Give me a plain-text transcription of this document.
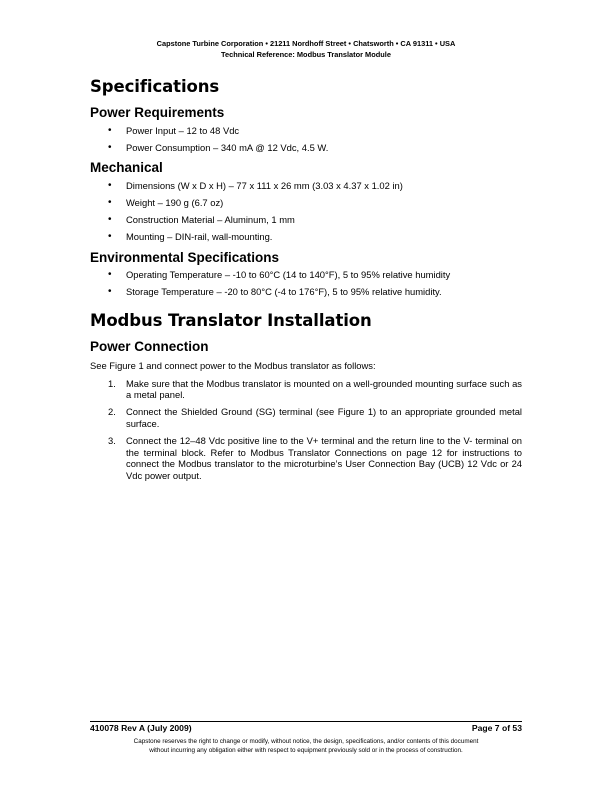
Capstone Turbine Corporation • 21211 Nordhoff Street • Chatsworth • CA 91311 • USA
Technical Reference: Modbus Translator Module
Specifications
Power Requirements
• Power Input – 12 to 48 Vdc
• Power Consumption – 340 mA @ 12 Vdc, 4.5 W.
Mechanical
• Dimensions (W x D x H) – 77 x 111 x 26 mm (3.03 x 4.37 x 1.02 in)
• Weight – 190 g (6.7 oz)
• Construction Material – Aluminum, 1 mm
• Mounting – DIN-rail, wall-mounting.
Environmental Specifications
• Operating Temperature – -10 to 60°C (14 to 140°F), 5 to 95% relative humidity
• Storage Temperature – -20 to 80°C (-4 to 176°F), 5 to 95% relative humidity.
Modbus Translator Installation
Power Connection
See Figure 1 and connect power to the Modbus translator as follows:
1. Make sure that the Modbus translator is mounted on a well-grounded mounting surface such as a metal panel.
2. Connect the Shielded Ground (SG) terminal (see Figure 1) to an appropriate grounded metal surface.
3. Connect the 12–48 Vdc positive line to the V+ terminal and the return line to the V- terminal on the terminal block. Refer to Modbus Translator Connections on page 12 for instructions to connect the Modbus translator to the microturbine’s User Connection Bay (UCB) 12 Vdc or 24 Vdc power output.
410078 Rev A (July 2009)	Page 7 of 53
Capstone reserves the right to change or modify, without notice, the design, specifications, and/or contents of this document
without incurring any obligation either with respect to equipment previously sold or in the process of construction.
